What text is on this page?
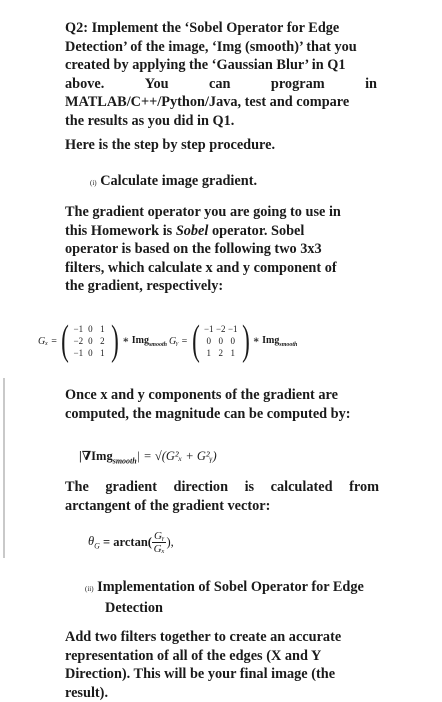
Q2: Implement the ‘Sobel Operator for Edge
Detection’ of the image, ‘Img (smooth)’ that you
created by applying the ‘Gaussian Blur’ in Q1
above.	You	can	program	in
MATLAB/C++/Python/Java, test and compare
the results as you did in Q1.
Here is the step by step procedure.
(i) Calculate image gradient.
The gradient operator you are going to use in
this Homework is Sobel operator. Sobel
operator is based on the following two 3x3
filters, which calculate x and y component of
the gradient, respectively:
Gₓ = ( −1 0 1
−2 0 2
−1 0 1 ) ∗ Img$_{smooth}$ Gᵧ = ( −1 −2 −1
0 0 0
1 2 1 ) ∗ Img$_{smooth}$
Once x and y components of the gradient are
computed, the magnitude can be computed by:
|∇Img$_{smooth}$| = √(G²ₓ + G²ᵧ)
The gradient direction is calculated from
arctangent of the gradient vector:
$\theta_G = \arctan( \frac{\text{Gᵧ}}{\text{Gₓ}}$ ),
(ii) Implementation of Sobel Operator for Edge
Detection
Add two filters together to create an accurate
representation of all of the edges (X and Y
Direction). This will be your final image (the
result).
